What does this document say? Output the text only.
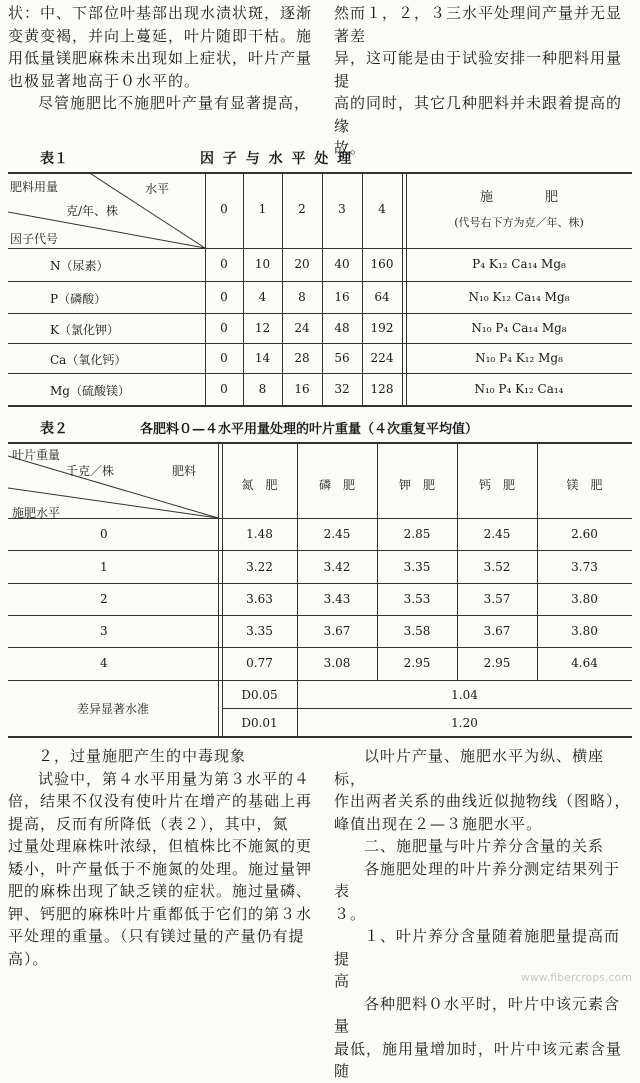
状：中、下部位叶基部出现水渍状斑，逐渐

变黄变褐，并向上蔓延，叶片随即干枯。施

用低量镁肥麻株未出现如上症状，叶片产量

也极显著地高于０水平的。

尽管施肥比不施肥叶产量有显著提高，

然而１，２，３三水平处理间产量并无显著差

异，这可能是由于试验安排一种肥料用量提

高的同时，其它几种肥料并未跟着提高的缘

故。

表１	因 子 与 水 平 处 理
肥料用量	水平
克/年、株
因子代号
0	1	2	3	4
施　　　　肥
(代号右下方为克／年、株)
N（尿素）	0	10	20	40	160	P₄ K₁₂ Ca₁₄ Mg₈
P（磷酸）	0	4	8	16	64	N₁₀ K₁₂ Ca₁₄ Mg₈
K（氯化钾）	0	12	24	48	192	N₁₀ P₄ Ca₁₄ Mg₈
Ca（氧化钙）	0	14	28	56	224	N₁₀ P₄ K₁₂ Mg₈
Mg（硫酸镁）	0	8	16	32	128	N₁₀ P₄ K₁₂ Ca₁₄
表２	各肥料０—４水平用量处理的叶片重量（４次重复平均值）
叶片重量
千克／株	肥料
施肥水平
氮　肥	磷　肥	钾　肥	钙　肥	镁　肥
0	1.48	2.45	2.85	2.45	2.60
1	3.22	3.42	3.35	3.52	3.73
2	3.63	3.43	3.53	3.57	3.80
3	3.35	3.67	3.58	3.67	3.80
4	0.77	3.08	2.95	2.95	4.64
差异显著水准
D0.05	1.04
D0.01	1.20

２，过量施肥产生的中毒现象

试验中，第４水平用量为第３水平的４

倍，结果不仅没有使叶片在增产的基础上再

提高，反而有所降低（表２），其中，氮

过量处理麻株叶浓绿，但植株比不施氮的更

矮小，叶产量低于不施氮的处理。施过量钾

肥的麻株出现了缺乏镁的症状。施过量磷、

钾、钙肥的麻株叶片重都低于它们的第３水

平处理的重量。（只有镁过量的产量仍有提

高）。

以叶片产量、施肥水平为纵、横座标，

作出两者关系的曲线近似抛物线（图略），

峰值出现在２—３施肥水平。

二、施肥量与叶片养分含量的关系

各施肥处理的叶片养分测定结果列于表

３。

１、叶片养分含量随着施肥量提高而提

高

各种肥料０水平时，叶片中该元素含量

最低，施用量增加时，叶片中该元素含量随

www.fibercrops.com
